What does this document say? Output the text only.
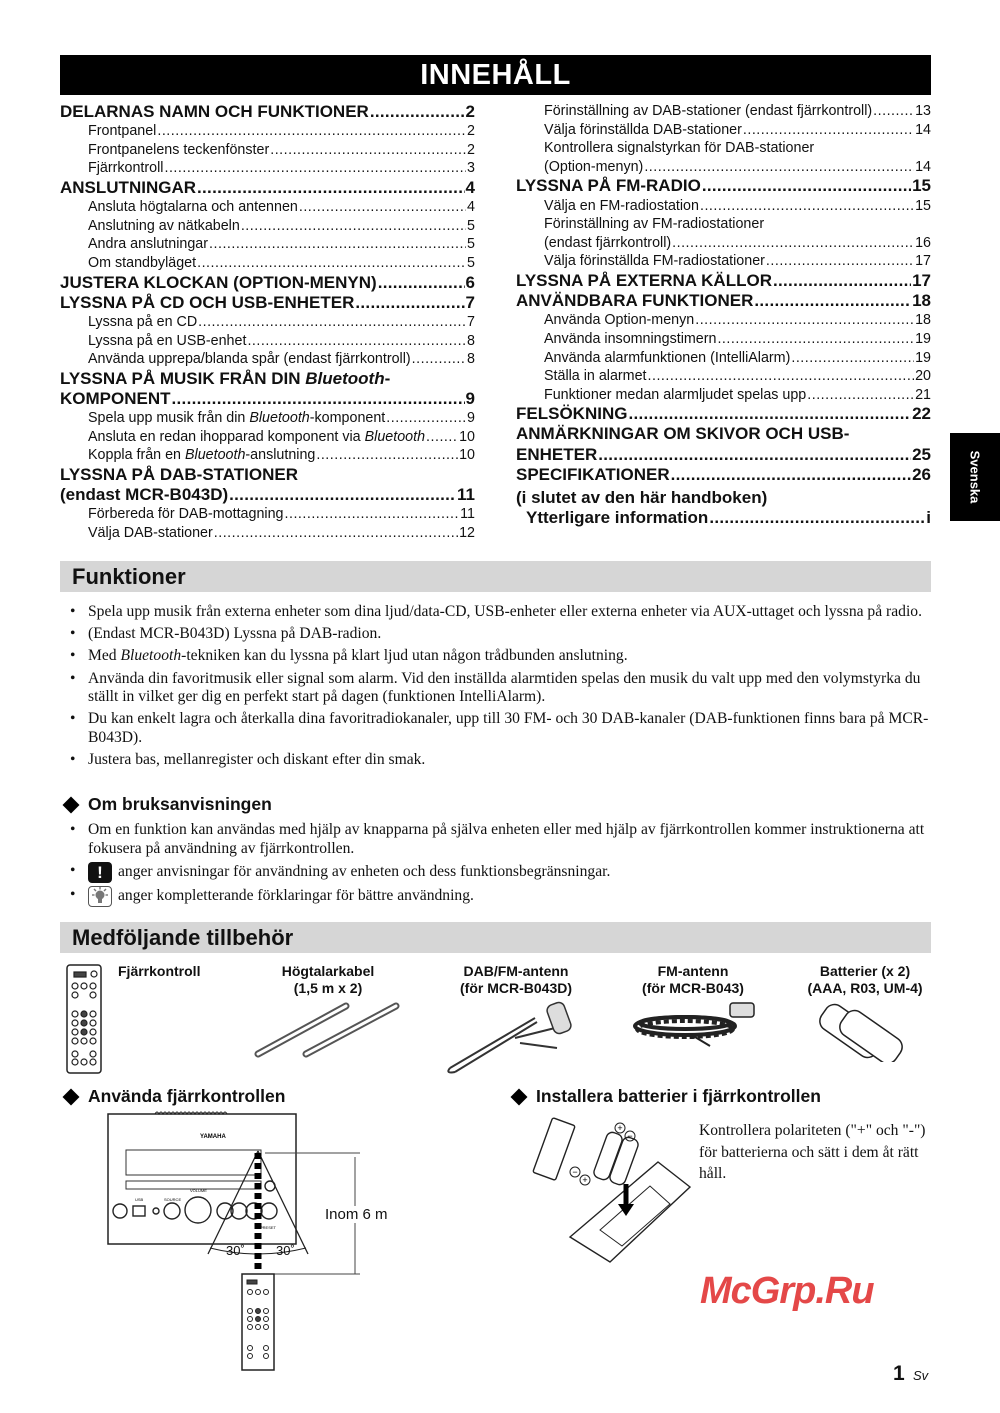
INNEHÅLL
DELARNAS NAMN OCH FUNKTIONER .....	2
Frontpanel .....	2
Frontpanelens teckenfönster .....	2
Fjärrkontroll .....	3
ANSLUTNINGAR .....	4
Ansluta högtalarna och antennen .....	4
Anslutning av nätkabeln .....	5
Andra anslutningar .....	5
Om standbyläget .....	5
JUSTERA KLOCKAN (OPTION-MENYN) .....	6
LYSSNA PÅ CD OCH USB-ENHETER .....	7
Lyssna på en CD .....	7
Lyssna på en USB-enhet .....	8
Använda upprepa/blanda spår (endast fjärrkontroll) .....	8
LYSSNA PÅ MUSIK FRÅN DIN Bluetooth-
KOMPONENT .....	9
Spela upp musik från din Bluetooth-komponent .....	9
Ansluta en redan ihopparad komponent via Bluetooth ..... 10
Koppla från en Bluetooth-anslutning .....	10
LYSSNA PÅ DAB-STATIONER
(endast MCR-B043D) .....	11
Förbereda för DAB-mottagning .....	11
Välja DAB-stationer .....	12
Förinställning av DAB-stationer (endast fjärrkontroll) .....	13
Välja förinställda DAB-stationer .....	14
Kontrollera signalstyrkan för DAB-stationer
(Option-menyn) .....	14
LYSSNA PÅ FM-RADIO .....	15
Välja en FM-radiostation .....	15
Förinställning av FM-radiostationer
(endast fjärrkontroll) .....	16
Välja förinställda FM-radiostationer .....	17
LYSSNA PÅ EXTERNA KÄLLOR .....	17
ANVÄNDBARA FUNKTIONER .....	18
Använda Option-menyn .....	18
Använda insomningstimern .....	19
Använda alarmfunktionen (IntelliAlarm) .....	19
Ställa in alarmet .....	20
Funktioner medan alarmljudet spelas upp .....	21
FELSÖKNING .....	22
ANMÄRKNINGAR OM SKIVOR OCH USB-
ENHETER .....	25
SPECIFIKATIONER .....	26
(i slutet av den här handboken)
Ytterligare information .....	i
Funktioner
• Spela upp musik från externa enheter som dina ljud/data-CD, USB-enheter eller externa enheter via AUX-uttaget och lyssna på radio.
• (Endast MCR-B043D) Lyssna på DAB-radion.
• Med Bluetooth-tekniken kan du lyssna på klart ljud utan någon trådbunden anslutning.
• Använda din favoritmusik eller signal som alarm. Vid den inställda alarmtiden spelas den musik du valt upp med den volymstyrka du ställt in vilket ger dig en perfekt start på dagen (funktionen IntelliAlarm).
• Du kan enkelt lagra och återkalla dina favoritradiokanaler, upp till 30 FM- och 30 DAB-kanaler (DAB-funktionen finns bara på MCR-B043D).
• Justera bas, mellanregister och diskant efter din smak.
Om bruksanvisningen
• Om en funktion kan användas med hjälp av knapparna på själva enheten eller med hjälp av fjärrkontrollen kommer instruktionerna att fokusera på användning av fjärrkontrollen.
• ! anger anvisningar för användning av enheten och dess funktionsbegränsningar.
• anger kompletterande förklaringar för bättre användning.
Medföljande tillbehör
Fjärrkontroll	Högtalarkabel
(1,5 m x 2)
DAB/FM-antenn
(för MCR-B043D)
FM-antenn
(för MCR-B043)
Batterier (x 2)
(AAA, R03, UM-4)
Använda fjärrkontrollen
YAMAHA
USB	SOURCE
VOLUME
PRESET
30˚ 30˚
Inom 6 m
Installera batterier i fjärrkontrollen
+
−
−
+
Kontrollera polariteten ("+" och "-") för batterierna och sätt i dem åt rätt håll.
Svenska
McGrp.Ru
1 Sv
